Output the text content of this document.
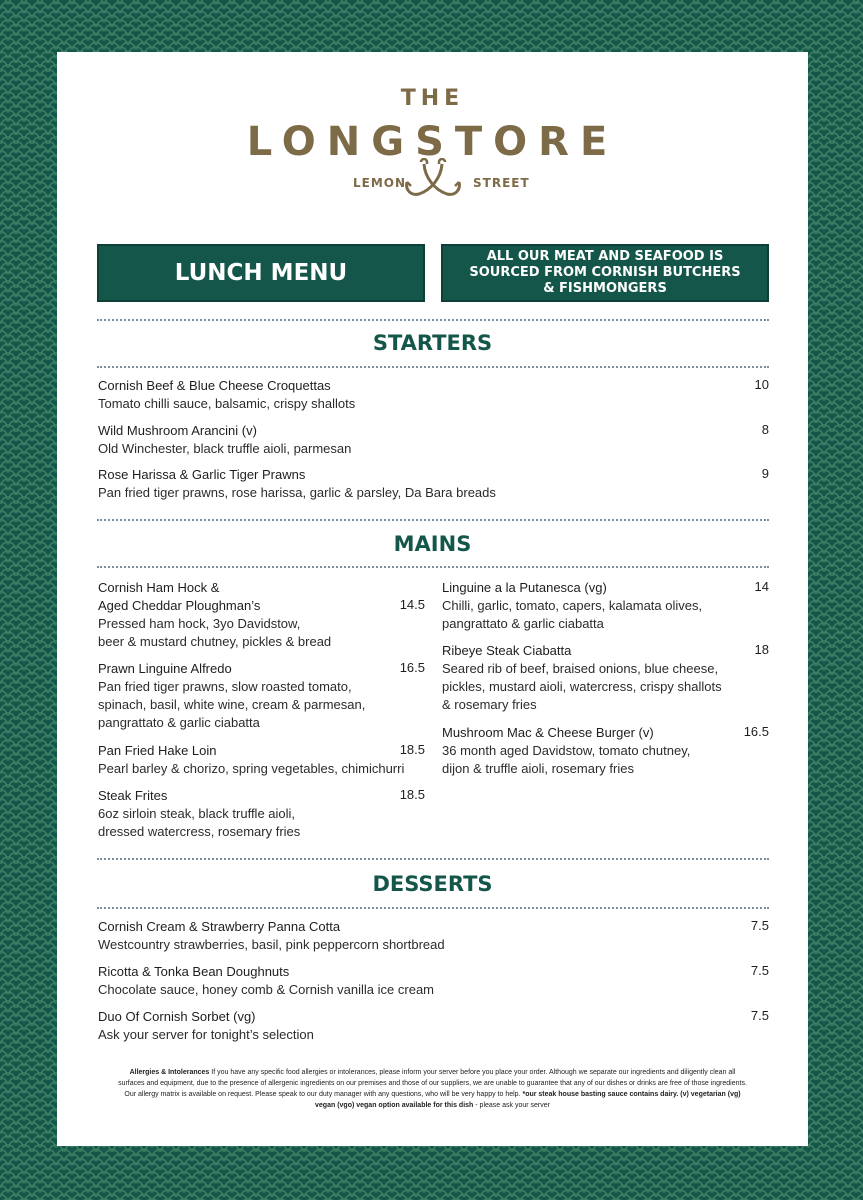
THE
LONGSTORE
LEMON	STREET
LUNCH MENU
ALL OUR MEAT AND SEAFOOD IS SOURCED FROM CORNISH BUTCHERS & FISHMONGERS
STARTERS
Cornish Beef & Blue Cheese Croquettas
Tomato chilli sauce, balsamic, crispy shallots
10
Wild Mushroom Arancini (v)
Old Winchester, black truffle aioli, parmesan
8
Rose Harissa & Garlic Tiger Prawns
Pan fried tiger prawns, rose harissa, garlic & parsley, Da Bara breads
9
MAINS
Cornish Ham Hock &
Aged Cheddar Ploughman’s
Pressed ham hock, 3yo Davidstow,
beer & mustard chutney, pickles & bread
14.5
Prawn Linguine Alfredo
Pan fried tiger prawns, slow roasted tomato,
spinach, basil, white wine, cream & parmesan,
pangrattato & garlic ciabatta
16.5
Pan Fried Hake Loin
Pearl barley & chorizo, spring vegetables, chimichurri
18.5
Steak Frites
6oz sirloin steak, black truffle aioli,
dressed watercress, rosemary fries
18.5
Linguine a la Putanesca (vg)
Chilli, garlic, tomato, capers, kalamata olives,
pangrattato & garlic ciabatta
14
Ribeye Steak Ciabatta
Seared rib of beef, braised onions, blue cheese,
pickles, mustard aioli, watercress, crispy shallots
& rosemary fries
18
Mushroom Mac & Cheese Burger (v)
36 month aged Davidstow, tomato chutney,
dijon & truffle aioli, rosemary fries
16.5
DESSERTS
Cornish Cream & Strawberry Panna Cotta
Westcountry strawberries, basil, pink peppercorn shortbread
7.5
Ricotta & Tonka Bean Doughnuts
Chocolate sauce, honey comb & Cornish vanilla ice cream
7.5
Duo Of Cornish Sorbet (vg)
Ask your server for tonight’s selection
7.5
Allergies & Intolerances If you have any specific food allergies or intolerances, please inform your server before you place your order. Although we separate our ingredients and diligently clean all surfaces and equipment, due to the presence of allergenic ingredients on our premises and those of our suppliers, we are unable to guarantee that any of our dishes or drinks are free of those ingredients. Our allergy matrix is available on request. Please speak to our duty manager with any questions, who will be very happy to help. *our steak house basting sauce contains dairy. (v) vegetarian (vg) vegan (vgo) vegan option available for this dish - please ask your server
